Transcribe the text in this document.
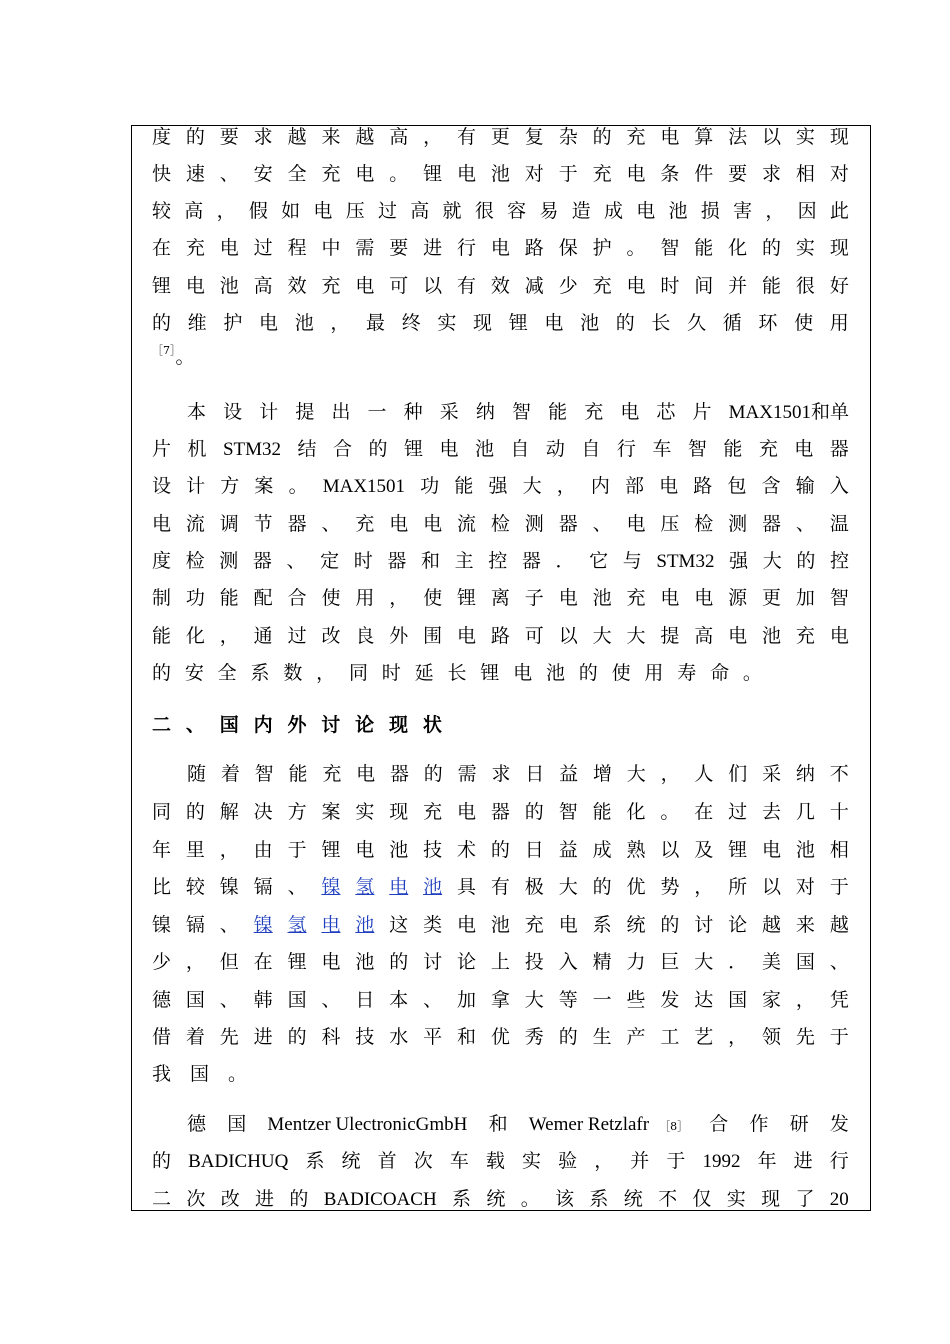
度 的 要 求 越 来 越 高 ， 有 更 复 杂 的 充 电 算 法 以 实 现
快 速 、 安 全 充 电 。 锂 电 池 对 于 充 电 条 件 要 求 相 对
较 高 ， 假 如 电 压 过 高 就 很 容 易 造 成 电 池 损 害 ， 因 此
在 充 电 过 程 中 需 要 进 行 电 路 保 护 。 智 能 化 的 实 现
锂 电 池 高 效 充 电 可 以 有 效 减 少 充 电 时 间 并 能 很 好
的 维 护 电 池 ， 最 终 实 现 锂 电 池 的 长 久 循 环 使 用
$^{[7]}$。
本 设 计 提 出 一 种 采 纳 智 能 充 电 芯 片 MAX1501 和单
片 机 STM32 结 合 的 锂 电 池 自 动 自 行 车 智 能 充 电 器
设 计 方 案 。 MAX1501 功 能 强 大 ， 内 部 电 路 包 含 输 入
电 流 调 节 器 、 充 电 电 流 检 测 器 、 电 压 检 测 器 、 温
度 检 测 器 、 定 时 器 和 主 控 器 ． 它 与 STM32 强 大 的 控
制 功 能 配 合 使 用 ， 使 锂 离 子 电 池 充 电 电 源 更 加 智
能 化 ， 通 过 改 良 外 围 电 路 可 以 大 大 提 高 电 池 充 电
的 安 全 系 数 ， 同 时 延 长 锂 电 池 的 使 用 寿 命 。
二 、 国 内 外 讨 论 现 状
随 着 智 能 充 电 器 的 需 求 日 益 增 大 ， 人 们 采 纳 不
同 的 解 决 方 案 实 现 充 电 器 的 智 能 化 。 在 过 去 几 十
年 里 ， 由 于 锂 电 池 技 术 的 日 益 成 熟 以 及 锂 电 池 相
比 较 镍 镉 、 镍 氢 电 池 具 有 极 大 的 优 势 ， 所 以 对 于
镍 镉 、 镍 氢 电 池 这 类 电 池 充 电 系 统 的 讨 论 越 来 越
少 ， 但 在 锂 电 池 的 讨 论 上 投 入 精 力 巨 大 ． 美 国 、
德 国 、 韩 国 、 日 本 、 加 拿 大 等 一 些 发 达 国 家 ， 凭
借 着 先 进 的 科 技 水 平 和 优 秀 的 生 产 工 艺 ， 领 先 于
我 国 。
德 国 Mentzer UlectronicGmbH 和 Wemer Retzlafr ［8］ 合 作 研 发
的 BADICHUQ 系 统 首 次 车 载 实 验 ， 并 于 1992 年 进 行
二 次 改 进 的 BADICOACH 系 统 。 该 系 统 不 仅 实 现 了 20
